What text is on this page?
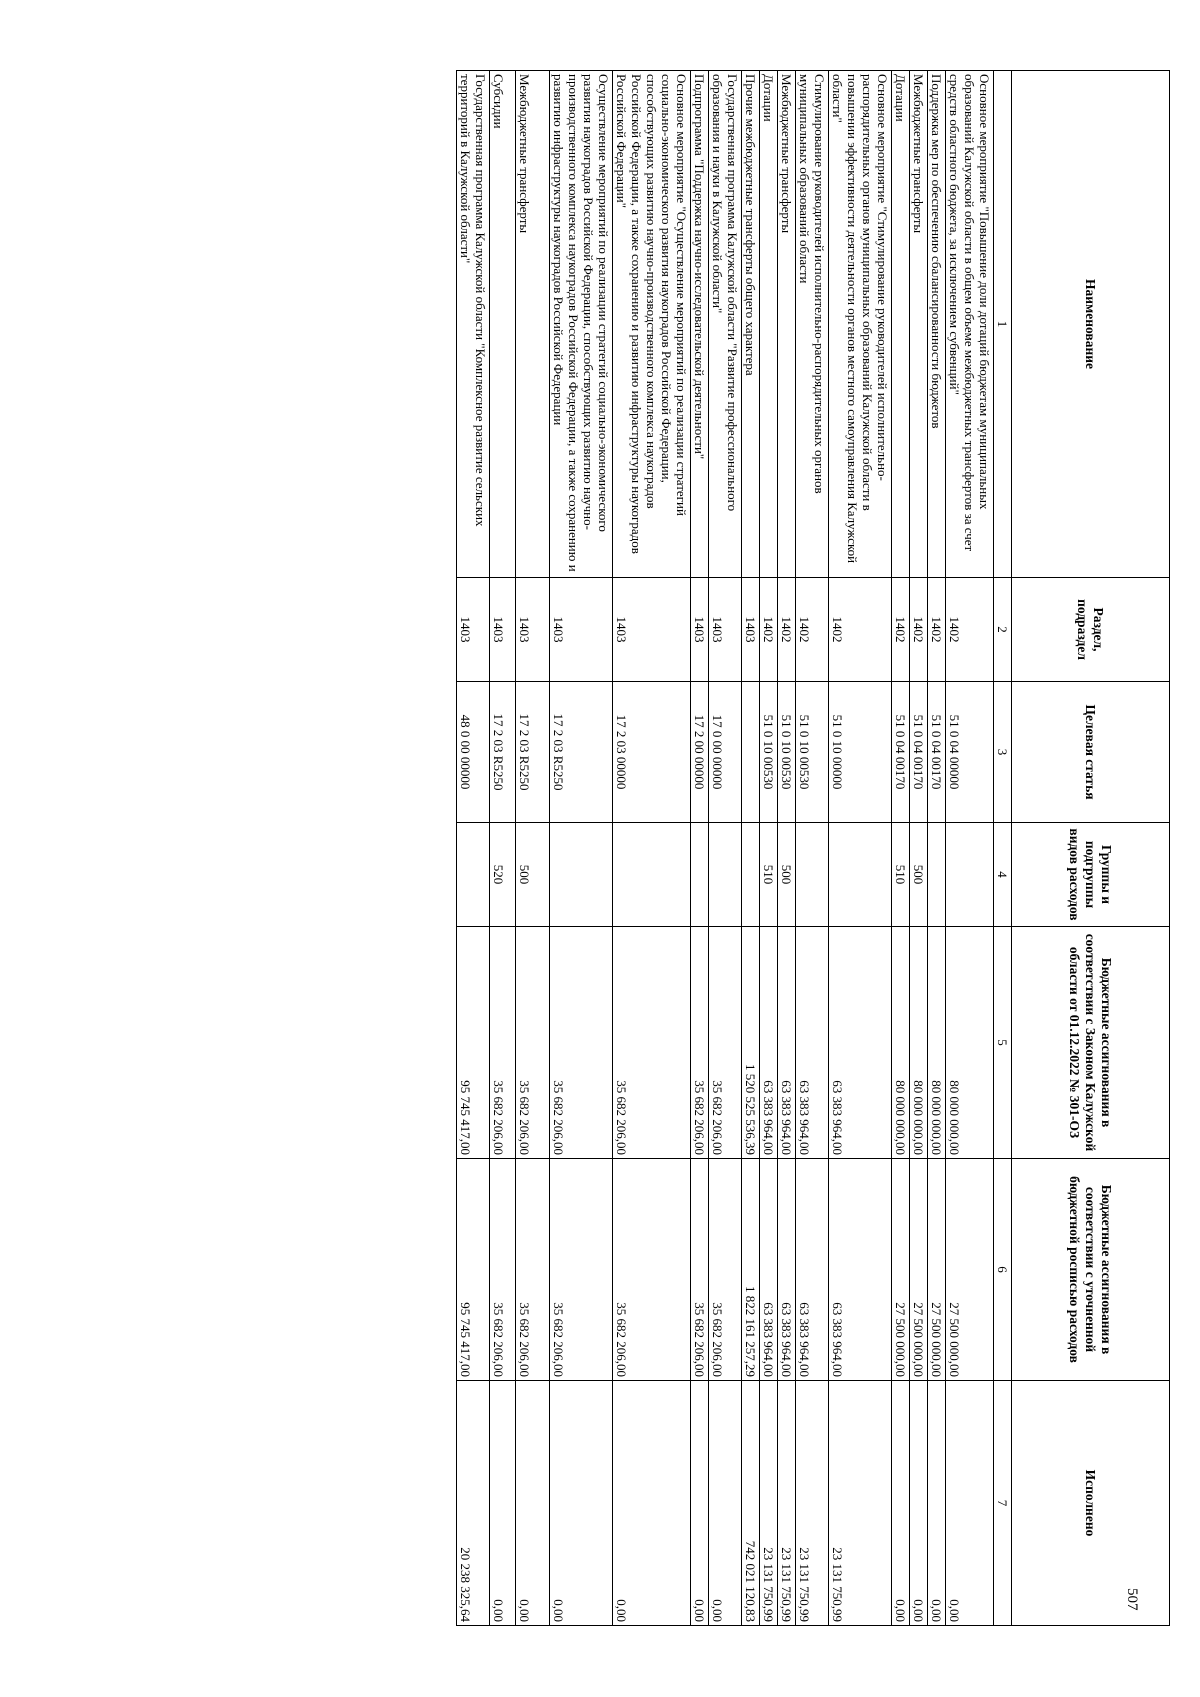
Наименование	Раздел, подраздел	Целевая статья	Группы и подгруппы видов расходов	Бюджетные ассигнования в соответствии с Законом Калужской области от 01.12.2022 № 301-ОЗ	Бюджетные ассигнования в соответствии с уточненной бюджетной росписью расходов	Исполнено
1	2	3	4	5	6	7
Основное мероприятие "Повышение доли дотаций бюджетам муниципальных образований Калужской области в общем объеме межбюджетных трансфертов за счет средств областного бюджета, за исключением субвенций"	1402	51 0 04 00000		80 000 000,00	27 500 000,00	0,00
Поддержка мер по обеспечению сбалансированности бюджетов	1402	51 0 04 00170		80 000 000,00	27 500 000,00	0,00
Межбюджетные трансферты	1402	51 0 04 00170	500	80 000 000,00	27 500 000,00	0,00
Дотации	1402	51 0 04 00170	510	80 000 000,00	27 500 000,00	0,00
Основное мероприятие "Стимулирование руководителей исполнительно-распорядительных органов муниципальных образований Калужской области в повышении эффективности деятельности органов местного самоуправления Калужской области"	1402	51 0 10 00000		63 383 964,00	63 383 964,00	23 131 750,99
Стимулирование руководителей исполнительно-распорядительных органов муниципальных образований области	1402	51 0 10 00530		63 383 964,00	63 383 964,00	23 131 750,99
Межбюджетные трансферты	1402	51 0 10 00530	500	63 383 964,00	63 383 964,00	23 131 750,99
Дотации	1402	51 0 10 00530	510	63 383 964,00	63 383 964,00	23 131 750,99
Прочие межбюджетные трансферты общего характера	1403			1 520 525 536,39	1 822 161 257,29	742 021 120,83
Государственная программа Калужской области "Развитие профессионального образования и науки в Калужской области"	1403	17 0 00 00000		35 682 206,00	35 682 206,00	0,00
Подпрограмма "Поддержка научно-исследовательской деятельности"	1403	17 2 00 00000		35 682 206,00	35 682 206,00	0,00
Основное мероприятие "Осуществление мероприятий по реализации стратегий социально-экономического развития наукоградов Российской Федерации, способствующих развитию научно-производственного комплекса наукоградов Российской Федерации, а также сохранению и развитию инфраструктуры наукоградов Российской Федерации"	1403	17 2 03 00000		35 682 206,00	35 682 206,00	0,00
Осуществление мероприятий по реализации стратегий социально-экономического развития наукоградов Российской Федерации, способствующих развитию научно-производственного комплекса наукоградов Российской Федерации, а также сохранению и развитию инфраструктуры наукоградов Российской Федерации	1403	17 2 03 R5250		35 682 206,00	35 682 206,00	0,00
Межбюджетные трансферты	1403	17 2 03 R5250	500	35 682 206,00	35 682 206,00	0,00
Субсидии	1403	17 2 03 R5250	520	35 682 206,00	35 682 206,00	0,00
Государственная программа Калужской области "Комплексное развитие сельских территорий в Калужской области"	1403	48 0 00 00000		95 745 417,00	95 745 417,00	20 238 325,64	507
